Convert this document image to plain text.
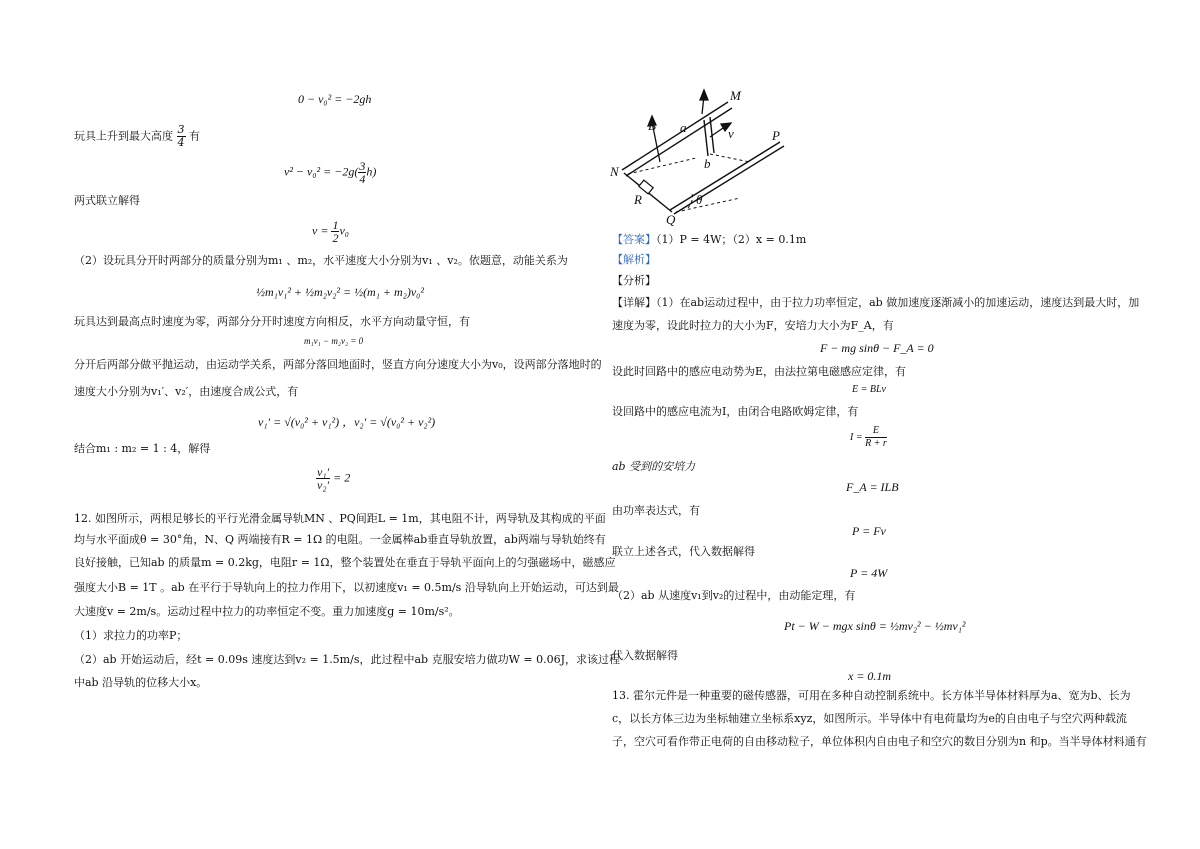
0 − v₀² = −2gh
玩具上升到最大高度 $\frac{3}{4}$ 有
$v^2 - v_0^2 = -2g( \frac{3}{4} h)$
两式联立解得
$v = \frac{1}{2} v_0$
（2）设玩具分开时两部分的质量分别为m₁ 、m₂，水平速度大小分别为v₁ 、v₂。依题意，动能关系为
½m₁v₁² + ½m₂v₂² = ½(m₁ + m₂)v₀²
玩具达到最高点时速度为零，两部分分开时速度方向相反，水平方向动量守恒，有
m₁v₁ − m₂v₂ = 0
分开后两部分做平抛运动，由运动学关系，两部分落回地面时，竖直方向分速度大小为v₀，设两部分落地时的
速度大小分别为v₁′、v₂′，由速度合成公式，有
v₁′ = √(v₀² + v₁²) ，v₂′ = √(v₀² + v₂²)
结合m₁ : m₂ = 1 : 4，解得
$\frac{\text{v₁′}}{\text{v₂′}} = 2$
12. 如图所示，两根足够长的平行光滑金属导轨MN 、PQ间距L = 1m，其电阻不计，两导轨及其构成的平面
均与水平面成θ = 30°角，N、Q 两端接有R = 1Ω 的电阻。一金属棒ab垂直导轨放置，ab两端与导轨始终有
良好接触，已知ab 的质量m = 0.2kg，电阻r = 1Ω，整个装置处在垂直于导轨平面向上的匀强磁场中，磁感应
强度大小B = 1T 。ab 在平行于导轨向上的拉力作用下，以初速度v₁ = 0.5m/s 沿导轨向上开始运动，可达到最
大速度v = 2m/s。运动过程中拉力的功率恒定不变。重力加速度g = 10m/s²。
（1）求拉力的功率P；
（2）ab 开始运动后，经t = 0.09s 速度达到v₂ = 1.5m/s，此过程中ab 克服安培力做功W = 0.06J，求该过程
中ab 沿导轨的位移大小x。
M
B a	v	P
N
b
R
Q
θ
【答案】（1）P = 4W；（2）x = 0.1m
【解析】
【分析】
【详解】（1）在ab运动过程中，由于拉力功率恒定，ab 做加速度逐渐减小的加速运动，速度达到最大时，加
速度为零，设此时拉力的大小为F，安培力大小为F_A，有
F − mg sinθ − F_A = 0
设此时回路中的感应电动势为E，由法拉第电磁感应定律，有
E = BLv
设回路中的感应电流为I，由闭合电路欧姆定律，有
$I = \frac{E}{R + r}$
ab 受到的安培力
F_A = ILB
由功率表达式，有
P = Fv
联立上述各式，代入数据解得
P = 4W
（2）ab 从速度v₁到v₂的过程中，由动能定理，有
Pt − W − mgx sinθ = ½mv₂² − ½mv₁²
代入数据解得
x = 0.1m
13. 霍尔元件是一种重要的磁传感器，可用在多种自动控制系统中。长方体半导体材料厚为a、宽为b、长为
c，以长方体三边为坐标轴建立坐标系xyz，如图所示。半导体中有电荷量均为e的自由电子与空穴两种载流
子，空穴可看作带正电荷的自由移动粒子，单位体积内自由电子和空穴的数目分别为n 和p。当半导体材料通有
